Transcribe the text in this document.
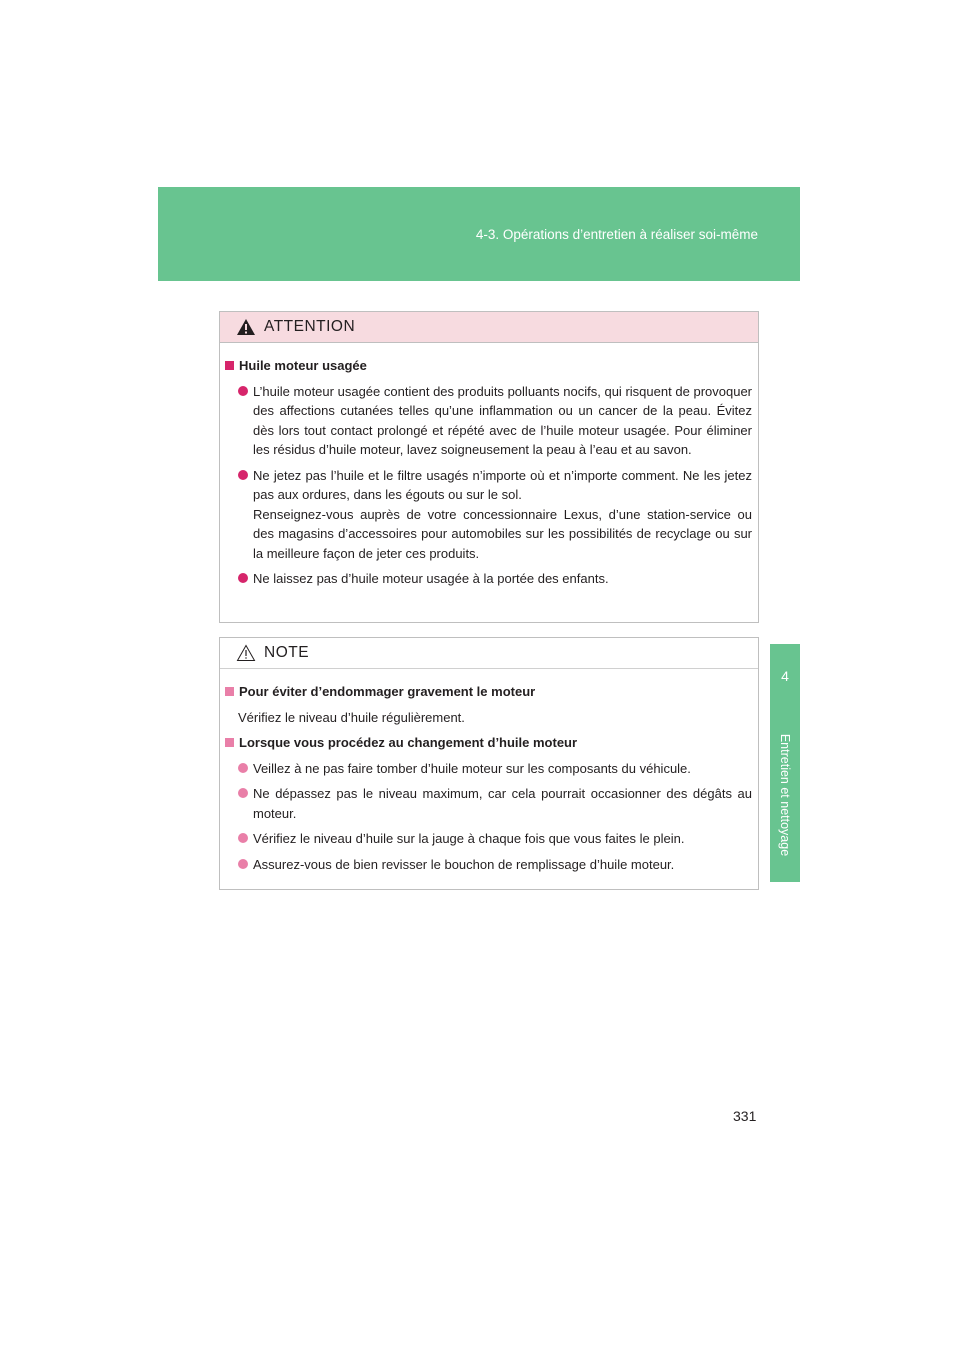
4-3. Opérations d’entretien à réaliser soi-même
4
Entretien et nettoyage
ATTENTION
Huile moteur usagée
L’huile moteur usagée contient des produits polluants nocifs, qui risquent de provoquer des affections cutanées telles qu’une inflammation ou un cancer de la peau. Évitez dès lors tout contact prolongé et répété avec de l’huile moteur usagée. Pour éliminer les résidus d’huile moteur, lavez soigneusement la peau à l’eau et au savon.
Ne jetez pas l’huile et le filtre usagés n’importe où et n’importe comment. Ne les jetez pas aux ordures, dans les égouts ou sur le sol.
Renseignez-vous auprès de votre concessionnaire Lexus, d’une station-service ou des magasins d’accessoires pour automobiles sur les possibilités de recyclage ou sur la meilleure façon de jeter ces produits.
Ne laissez pas d’huile moteur usagée à la portée des enfants.
NOTE
Pour éviter d’endommager gravement le moteur
Vérifiez le niveau d’huile régulièrement.
Lorsque vous procédez au changement d’huile moteur
Veillez à ne pas faire tomber d’huile moteur sur les composants du véhicule.
Ne dépassez pas le niveau maximum, car cela pourrait occasionner des dégâts au moteur.
Vérifiez le niveau d’huile sur la jauge à chaque fois que vous faites le plein.
Assurez-vous de bien revisser le bouchon de remplissage d’huile moteur.
331
